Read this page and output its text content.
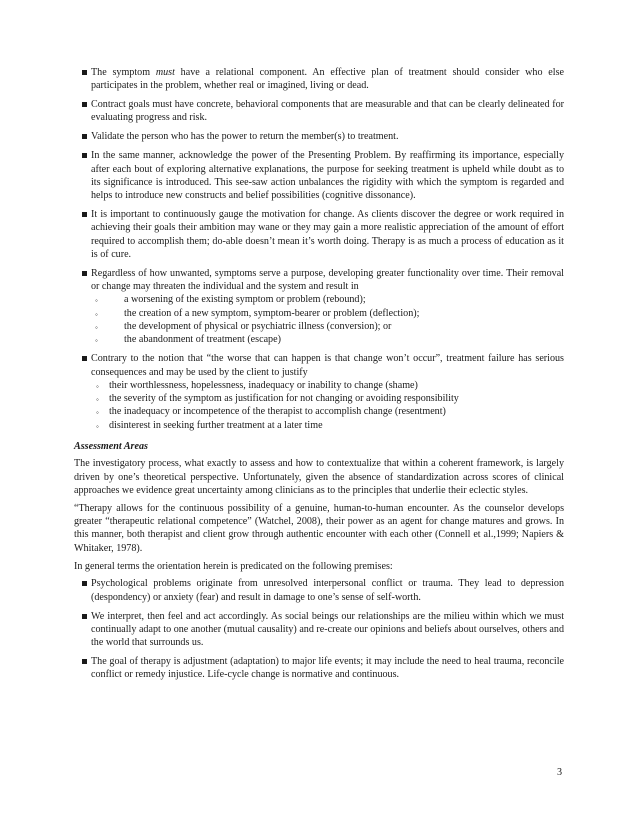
The symptom must have a relational component. An effective plan of treatment should consider who else participates in the problem, whether real or imagined, living or dead.
Contract goals must have concrete, behavioral components that are measurable and that can be clearly delineated for evaluating progress and risk.
Validate the person who has the power to return the member(s) to treatment.
In the same manner, acknowledge the power of the Presenting Problem. By reaffirming its importance, especially after each bout of exploring alternative explanations, the purpose for seeking treatment is upheld while doubt as to its significance is introduced. This see-saw action unbalances the rigidity with which the symptom is regarded and helps to introduce new constructs and belief possibilities (cognitive dissonance).
It is important to continuously gauge the motivation for change. As clients discover the degree or work required in achieving their goals their ambition may wane or they may gain a more realistic appreciation of the amount of effort required to accomplish them; do-able doesn’t mean it’s worth doing. Therapy is as much a process of education as it is of cure.
Regardless of how unwanted, symptoms serve a purpose, developing greater functionality over time. Their removal or change may threaten the individual and the system and result in
◦	a worsening of the existing symptom or problem (rebound);
◦	the creation of a new symptom, symptom-bearer or problem (deflection);
◦	the development of physical or psychiatric illness (conversion); or
◦	the abandonment of treatment (escape)
Contrary to the notion that “the worse that can happen is that change won’t occur”, treatment failure has serious consequences and may be used by the client to justify
◦ their worthlessness, hopelessness, inadequacy or inability to change (shame)
◦ the severity of the symptom as justification for not changing or avoiding responsibility
◦ the inadequacy or incompetence of the therapist to accomplish change (resentment)
◦ disinterest in seeking further treatment at a later time
Assessment Areas
The investigatory process, what exactly to assess and how to contextualize that within a coherent framework, is largely driven by one’s theoretical perspective. Unfortunately, given the absence of standardization across scores of clinical approaches we evidence great uncertainty among clinicians as to the principles that underlie their eclectic styles.
“Therapy allows for the continuous possibility of a genuine, human-to-human encounter. As the counselor develops greater “therapeutic relational competence” (Watchel, 2008), their power as an agent for change matures and grows. In this manner, both therapist and client grow through authentic encounter with each other (Connell et al.,1999; Napiers & Whitaker, 1978).
In general terms the orientation herein is predicated on the following premises:
Psychological problems originate from unresolved interpersonal conflict or trauma. They lead to depression (despondency) or anxiety (fear) and result in damage to one’s sense of self-worth.
We interpret, then feel and act accordingly. As social beings our relationships are the milieu within which we must continually adapt to one another (mutual causality) and re-create our opinions and beliefs about ourselves, others and the world that surrounds us.
The goal of therapy is adjustment (adaptation) to major life events; it may include the need to heal trauma, reconcile conflict or remedy injustice. Life-cycle change is normative and continuous.
3
